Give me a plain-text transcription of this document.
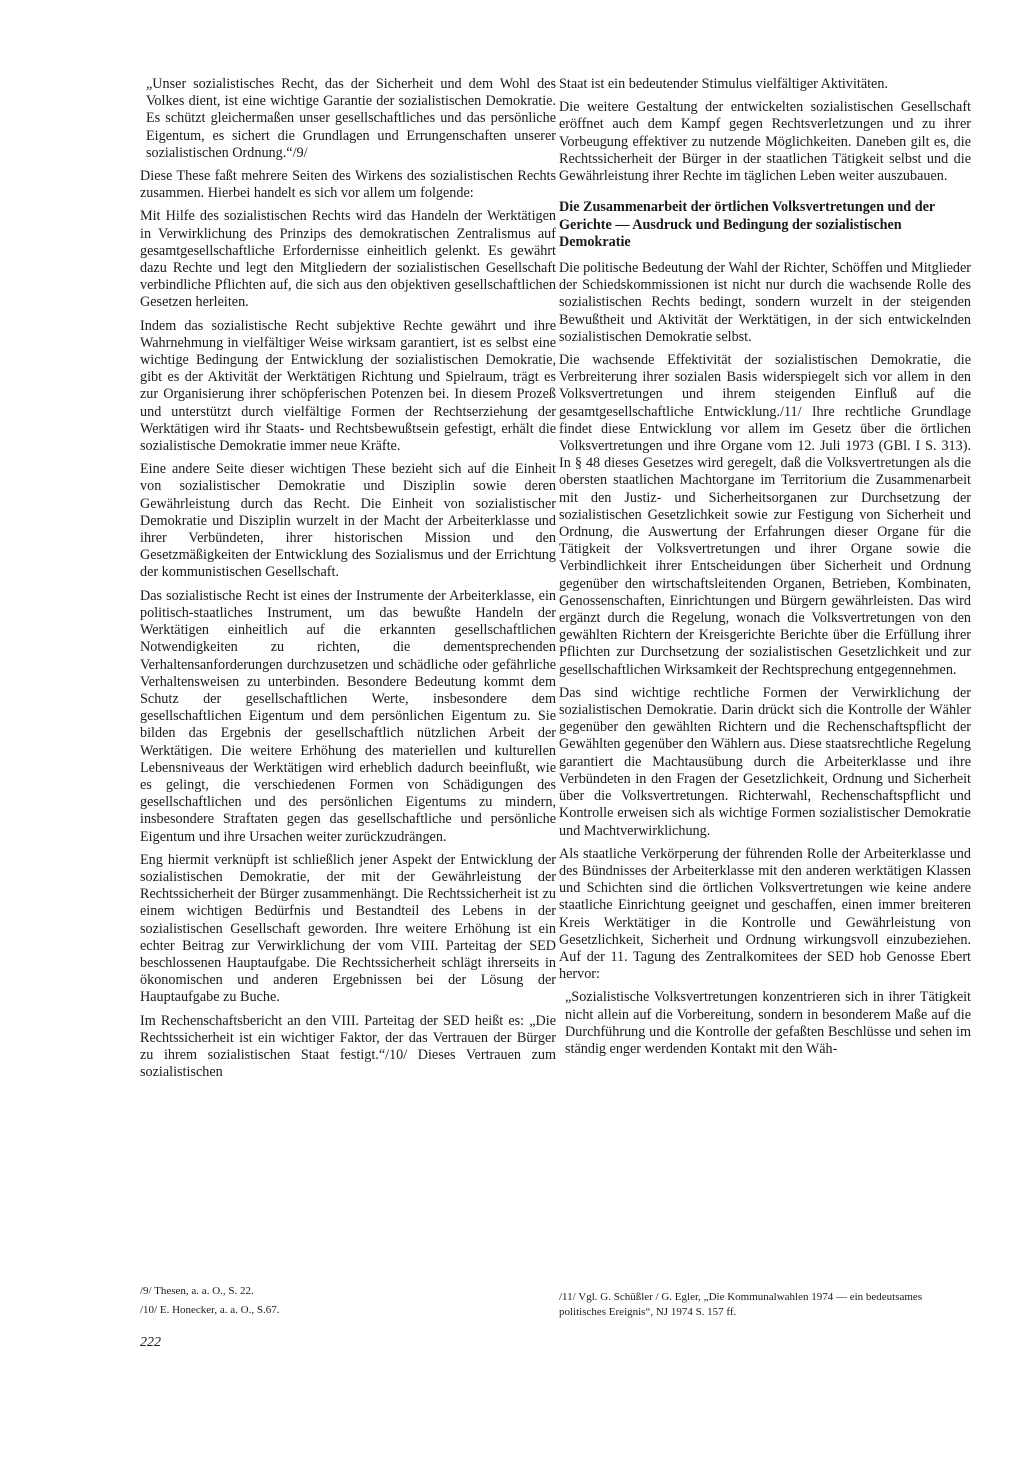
„Unser sozialistisches Recht, das der Sicherheit und dem Wohl des Volkes dient, ist eine wichtige Garantie der sozialistischen Demokratie. Es schützt gleichermaßen unser gesellschaftliches und das persönliche Eigentum, es sichert die Grundlagen und Errungenschaften unserer sozialistischen Ordnung.“/9/

Diese These faßt mehrere Seiten des Wirkens des sozialistischen Rechts zusammen. Hierbei handelt es sich vor allem um folgende:

Mit Hilfe des sozialistischen Rechts wird das Handeln der Werktätigen in Verwirklichung des Prinzips des demokratischen Zentralismus auf gesamtgesellschaftliche Erfordernisse einheitlich gelenkt. Es gewährt dazu Rechte und legt den Mitgliedern der sozialistischen Gesellschaft verbindliche Pflichten auf, die sich aus den objektiven gesellschaftlichen Gesetzen herleiten.

Indem das sozialistische Recht subjektive Rechte gewährt und ihre Wahrnehmung in vielfältiger Weise wirksam garantiert, ist es selbst eine wichtige Bedingung der Entwicklung der sozialistischen Demokratie, gibt es der Aktivität der Werktätigen Richtung und Spielraum, trägt es zur Organisierung ihrer schöpferischen Potenzen bei. In diesem Prozeß und unterstützt durch vielfältige Formen der Rechtserziehung der Werktätigen wird ihr Staats- und Rechtsbewußtsein gefestigt, erhält die sozialistische Demokratie immer neue Kräfte.

Eine andere Seite dieser wichtigen These bezieht sich auf die Einheit von sozialistischer Demokratie und Disziplin sowie deren Gewährleistung durch das Recht. Die Einheit von sozialistischer Demokratie und Disziplin wurzelt in der Macht der Arbeiterklasse und ihrer Verbündeten, ihrer historischen Mission und den Gesetzmäßigkeiten der Entwicklung des Sozialismus und der Errichtung der kommunistischen Gesellschaft.

Das sozialistische Recht ist eines der Instrumente der Arbeiterklasse, ein politisch-staatliches Instrument, um das bewußte Handeln der Werktätigen einheitlich auf die erkannten gesellschaftlichen Notwendigkeiten zu richten, die dementsprechenden Verhaltensanforderungen durchzusetzen und schädliche oder gefährliche Verhaltensweisen zu unterbinden. Besondere Bedeutung kommt dem Schutz der gesellschaftlichen Werte, insbesondere dem gesellschaftlichen Eigentum und dem persönlichen Eigentum zu. Sie bilden das Ergebnis der gesellschaftlich nützlichen Arbeit der Werktätigen. Die weitere Erhöhung des materiellen und kulturellen Lebensniveaus der Werktätigen wird erheblich dadurch beeinflußt, wie es gelingt, die verschiedenen Formen von Schädigungen des gesellschaftlichen und des persönlichen Eigentums zu mindern, insbesondere Straftaten gegen das gesellschaftliche und persönliche Eigentum und ihre Ursachen weiter zurückzudrängen.

Eng hiermit verknüpft ist schließlich jener Aspekt der Entwicklung der sozialistischen Demokratie, der mit der Gewährleistung der Rechtssicherheit der Bürger zusammenhängt. Die Rechtssicherheit ist zu einem wichtigen Bedürfnis und Bestandteil des Lebens in der sozialistischen Gesellschaft geworden. Ihre weitere Erhöhung ist ein echter Beitrag zur Verwirklichung der vom VIII. Parteitag der SED beschlossenen Hauptaufgabe. Die Rechtssicherheit schlägt ihrerseits in ökonomischen und anderen Ergebnissen bei der Lösung der Hauptaufgabe zu Buche.

Im Rechenschaftsbericht an den VIII. Parteitag der SED heißt es: „Die Rechtssicherheit ist ein wichtiger Faktor, der das Vertrauen der Bürger zu ihrem sozialistischen Staat festigt.“/10/ Dieses Vertrauen zum sozialistischen

/9/ Thesen, a. a. O., S. 22.

/10/ E. Honecker, a. a. O., S.67.

222

Staat ist ein bedeutender Stimulus vielfältiger Aktivitäten.

Die weitere Gestaltung der entwickelten sozialistischen Gesellschaft eröffnet auch dem Kampf gegen Rechtsverletzungen und zu ihrer Vorbeugung effektiver zu nutzende Möglichkeiten. Daneben gilt es, die Rechtssicherheit der Bürger in der staatlichen Tätigkeit selbst und die Gewährleistung ihrer Rechte im täglichen Leben weiter auszubauen.

Die Zusammenarbeit der örtlichen Volksvertretungen und der Gerichte — Ausdruck und Bedingung der sozialistischen Demokratie

Die politische Bedeutung der Wahl der Richter, Schöffen und Mitglieder der Schiedskommissionen ist nicht nur durch die wachsende Rolle des sozialistischen Rechts bedingt, sondern wurzelt in der steigenden Bewußtheit und Aktivität der Werktätigen, in der sich entwickelnden sozialistischen Demokratie selbst.

Die wachsende Effektivität der sozialistischen Demokratie, die Verbreiterung ihrer sozialen Basis widerspiegelt sich vor allem in den Volksvertretungen und ihrem steigenden Einfluß auf die gesamtgesellschaftliche Entwicklung./11/ Ihre rechtliche Grundlage findet diese Entwicklung vor allem im Gesetz über die örtlichen Volksvertretungen und ihre Organe vom 12. Juli 1973 (GBl. I S. 313). In § 48 dieses Gesetzes wird geregelt, daß die Volksvertretungen als die obersten staatlichen Machtorgane im Territorium die Zusammenarbeit mit den Justiz- und Sicherheitsorganen zur Durchsetzung der sozialistischen Gesetzlichkeit sowie zur Festigung von Sicherheit und Ordnung, die Auswertung der Erfahrungen dieser Organe für die Tätigkeit der Volksvertretungen und ihrer Organe sowie die Verbindlichkeit ihrer Entscheidungen über Sicherheit und Ordnung gegenüber den wirtschaftsleitenden Organen, Betrieben, Kombinaten, Genossenschaften, Einrichtungen und Bürgern gewährleisten. Das wird ergänzt durch die Regelung, wonach die Volksvertretungen von den gewählten Richtern der Kreisgerichte Berichte über die Erfüllung ihrer Pflichten zur Durchsetzung der sozialistischen Gesetzlichkeit und zur gesellschaftlichen Wirksamkeit der Rechtsprechung entgegennehmen.

Das sind wichtige rechtliche Formen der Verwirklichung der sozialistischen Demokratie. Darin drückt sich die Kontrolle der Wähler gegenüber den gewählten Richtern und die Rechenschaftspflicht der Gewählten gegenüber den Wählern aus. Diese staatsrechtliche Regelung garantiert die Machtausübung durch die Arbeiterklasse und ihre Verbündeten in den Fragen der Gesetzlichkeit, Ordnung und Sicherheit über die Volksvertretungen. Richterwahl, Rechenschaftspflicht und Kontrolle erweisen sich als wichtige Formen sozialistischer Demokratie und Machtverwirklichung.

Als staatliche Verkörperung der führenden Rolle der Arbeiterklasse und des Bündnisses der Arbeiterklasse mit den anderen werktätigen Klassen und Schichten sind die örtlichen Volksvertretungen wie keine andere staatliche Einrichtung geeignet und geschaffen, einen immer breiteren Kreis Werktätiger in die Kontrolle und Gewährleistung von Gesetzlichkeit, Sicherheit und Ordnung wirkungsvoll einzubeziehen. Auf der 11. Tagung des Zentralkomitees der SED hob Genosse Ebert hervor:

„Sozialistische Volksvertretungen konzentrieren sich in ihrer Tätigkeit nicht allein auf die Vorbereitung, sondern in besonderem Maße auf die Durchführung und die Kontrolle der gefaßten Beschlüsse und sehen im ständig enger werdenden Kontakt mit den Wäh-

/11/ Vgl. G. Schüßler / G. Egler, „Die Kommunalwahlen 1974 — ein bedeutsames politisches Ereignis“, NJ 1974 S. 157 ff.
